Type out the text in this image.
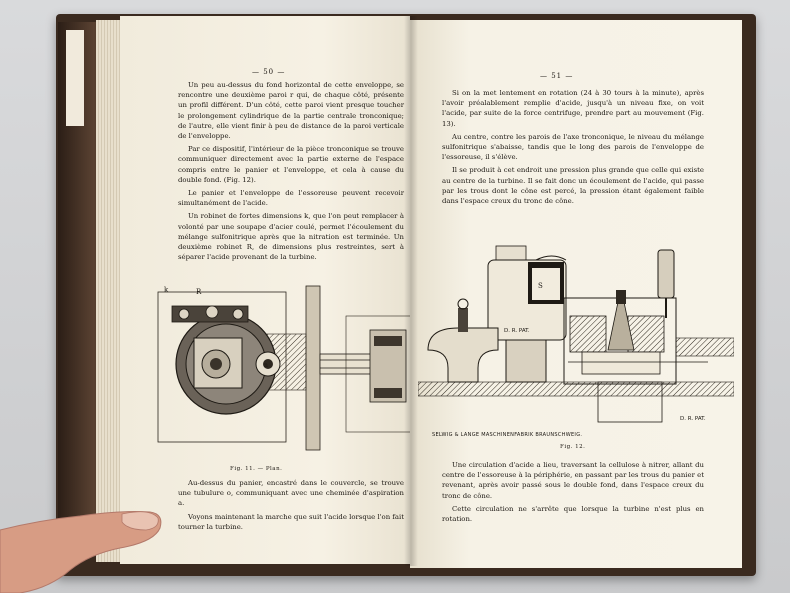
— 50 —

Un peu au-dessus du fond horizontal de cette enveloppe, se rencontre une deuxième paroi r qui, de chaque côté, présente un profil différent. D'un côté, cette paroi vient presque toucher le prolongement cylindrique de la partie centrale tronconique; de l'autre, elle vient finir à peu de distance de la paroi verticale de l'enveloppe.

Par ce dispositif, l'intérieur de la pièce tronconique se trouve communiquer directement avec la partie externe de l'espace compris entre le panier et l'enveloppe, et cela à cause du double fond. (Fig. 12).

Le panier et l'enveloppe de l'essoreuse peuvent recevoir simultanément de l'acide.

Un robinet de fortes dimensions k, que l'on peut remplacer à volonté par une soupape d'acier coulé, permet l'écoulement du mélange sulfonitrique après que la nitration est terminée. Un deuxième robinet R, de dimensions plus restreintes, sert à séparer l'acide provenant de la turbine.

k	R
n
Fig. 11. — Plan.

Au-dessus du panier, encastré dans le couvercle, se trouve une tubulure o, communiquant avec une cheminée d'aspiration a.

Voyons maintenant la marche que suit l'acide lorsque l'on fait tourner la turbine.

— 51 —

Si on la met lentement en rotation (24 à 30 tours à la minute), après l'avoir préalablement remplie d'acide, jusqu'à un niveau fixe, on voit l'acide, par suite de la force centrifuge, prendre part au mouvement (Fig. 13).

Au centre, contre les parois de l'axe tronconique, le niveau du mélange sulfonitrique s'abaisse, tandis que le long des parois de l'enveloppe de l'essoreuse, il s'élève.

Il se produit à cet endroit une pression plus grande que celle qui existe au centre de la turbine. Il se fait donc un écoulement de l'acide, qui passe par les trous dont le cône est percé, la pression étant également faible dans l'espace creux du tronc de cône.

S
D. R. PAT.
D. R. PAT.
SELWIG & LANGE MASCHINENFABRIK BRAUNSCHWEIG.
Fig. 12.

Une circulation d'acide a lieu, traversant la cellulose à nitrer, allant du centre de l'essoreuse à la périphérie, en passant par les trous du panier et revenant, après avoir passé sous le double fond, dans l'espace creux du tronc de cône.

Cette circulation ne s'arrête que lorsque la turbine n'est plus en rotation.
